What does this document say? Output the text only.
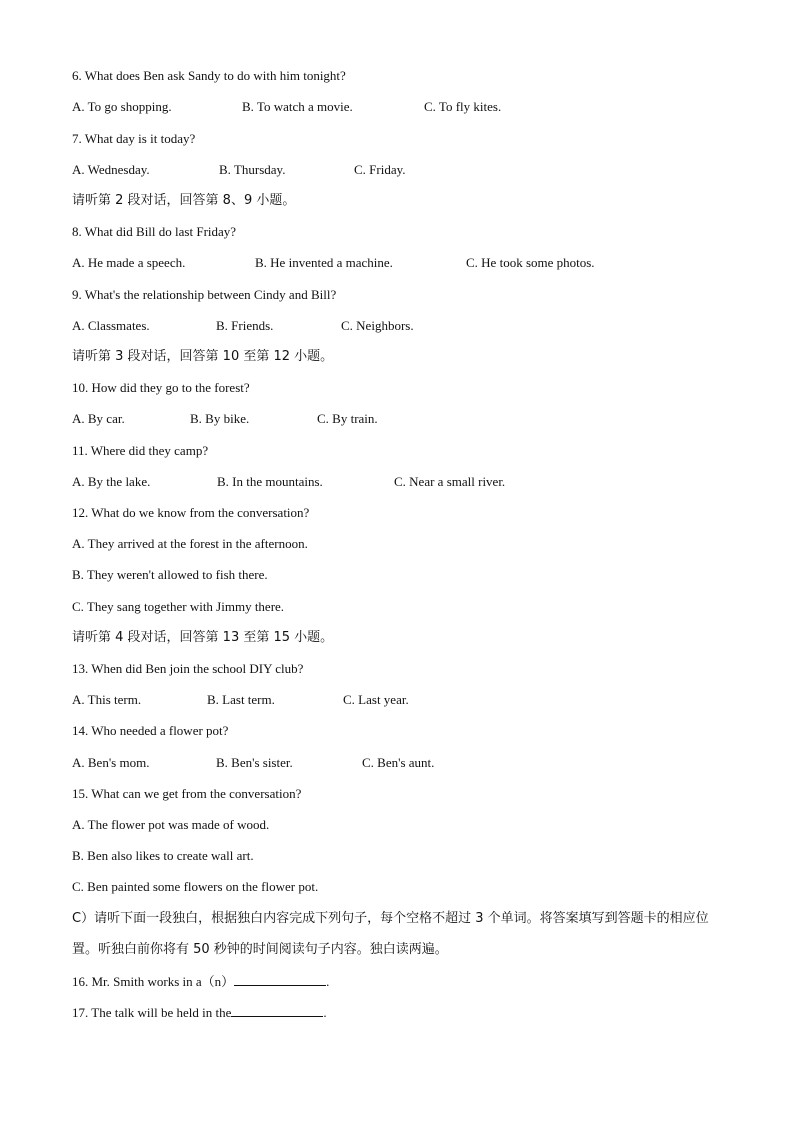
6. What does Ben ask Sandy to do with him tonight?
A. To go shopping.	B. To watch a movie.	C. To fly kites.
7. What day is it today?
A. Wednesday.	B. Thursday.	C. Friday.
请听第 2 段对话，回答第 8、9 小题。
8. What did Bill do last Friday?
A. He made a speech.	B. He invented a machine.	C. He took some photos.
9. What's the relationship between Cindy and Bill?
A. Classmates.	B. Friends.	C. Neighbors.
请听第 3 段对话，回答第 10 至第 12 小题。
10. How did they go to the forest?
A. By car.	B. By bike.	C. By train.
11. Where did they camp?
A. By the lake.	B. In the mountains.	C. Near a small river.
12. What do we know from the conversation?
A. They arrived at the forest in the afternoon.
B. They weren't allowed to fish there.
C. They sang together with Jimmy there.
请听第 4 段对话，回答第 13 至第 15 小题。
13. When did Ben join the school DIY club?
A. This term.	B. Last term.	C. Last year.
14. Who needed a flower pot?
A. Ben's mom.	B. Ben's sister.	C. Ben's aunt.
15. What can we get from the conversation?
A. The flower pot was made of wood.
B. Ben also likes to create wall art.
C. Ben painted some flowers on the flower pot.
C）请听下面一段独白，根据独白内容完成下列句子，每个空格不超过 3 个单词。将答案填写到答题卡的相应位置。听独白前你将有 50 秒钟的时间阅读句子内容。独白读两遍。
16. Mr. Smith works in a（n）	.
17. The talk will be held in the	.
